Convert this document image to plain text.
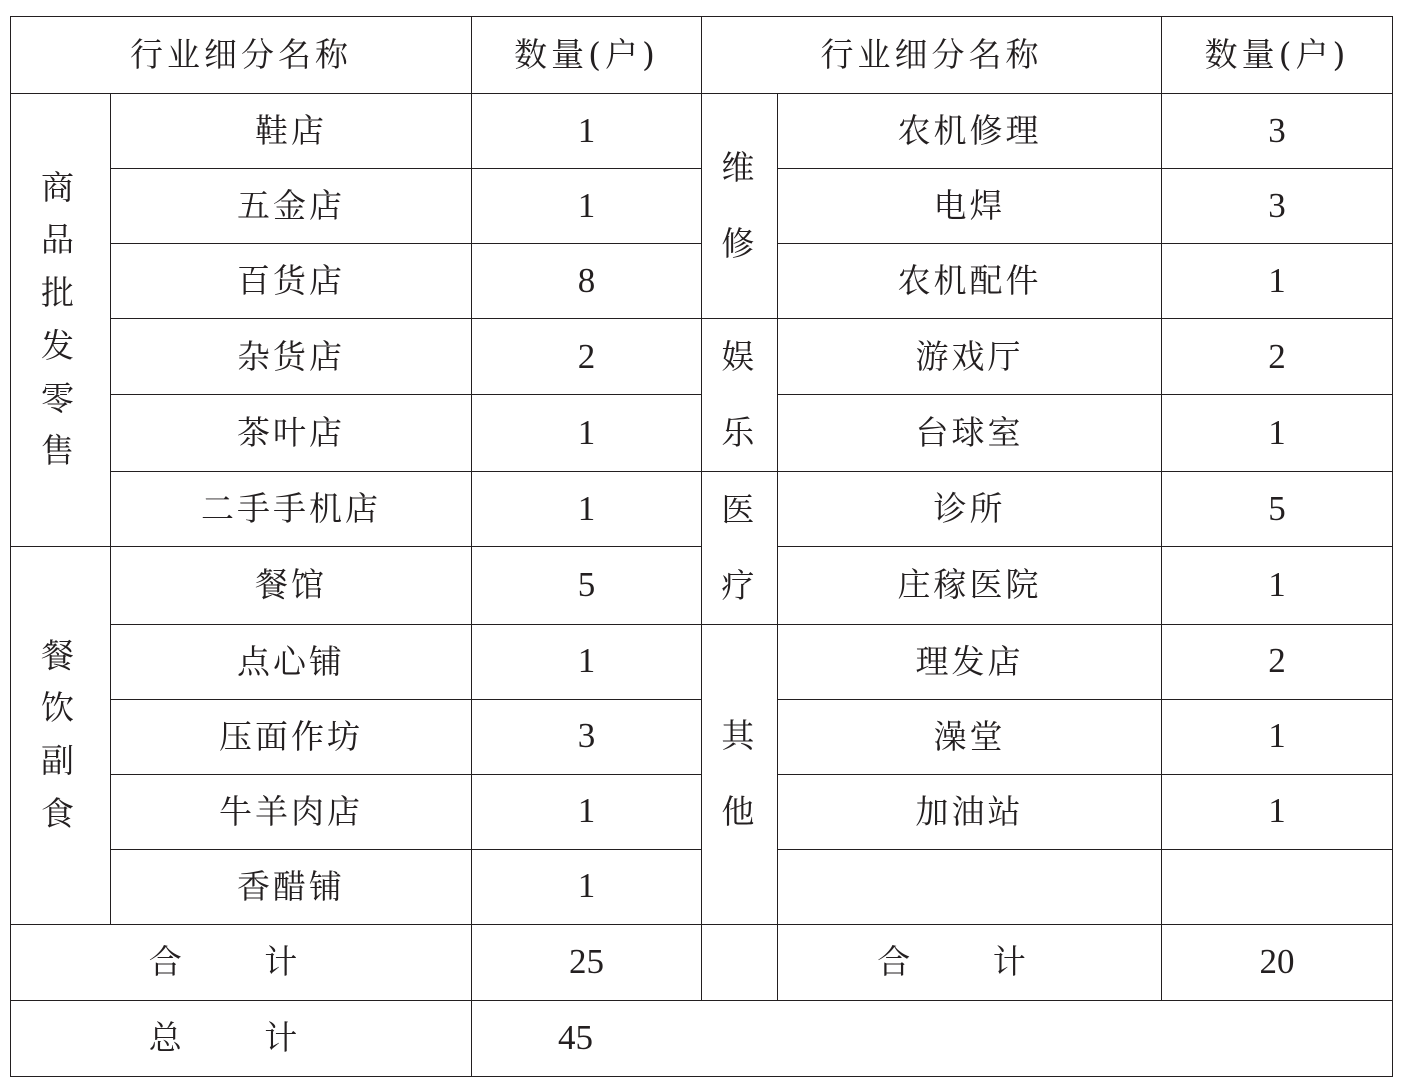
行业细分名称		数量(户)	行业细分名称		数量(户)
商品批发零售	鞋店	1	维修	农机修理	3
	五金店	1		电焊	3
	百货店	8		农机配件	1
	杂货店	2	娱乐	游戏厅	2
	茶叶店	1		台球室	1
	二手手机店	1	医疗	诊所	5
餐饮副食	餐馆	5		庄稼医院	1
	点心铺	1	其他	理发店	2
	压面作坊	3		澡堂	1
	牛羊肉店	1		加油站	1
	香醋铺	1			
合 计		25		合 计	20
总 计		45			
